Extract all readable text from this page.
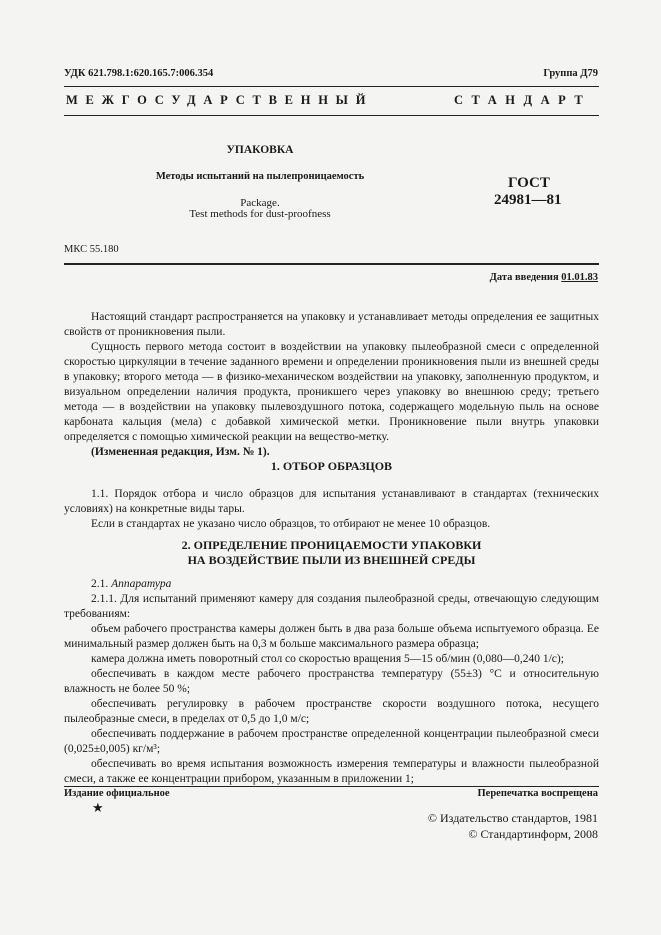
УДК 621.798.1:620.165.7:006.354	Группа Д79
МЕЖГОСУДАРСТВЕННЫЙ	СТАНДАРТ
УПАКОВКА
Методы испытаний на пылепроницаемость
Package.
Test methods for dust-proofness
ГОСТ
24981—81
МКС 55.180
Дата введения 01.01.83

Настоящий стандарт распространяется на упаковку и устанавливает методы определения ее защитных свойств от проникновения пыли.

Сущность первого метода состоит в воздействии на упаковку пылеобразной смеси с определенной скоростью циркуляции в течение заданного времени и определении проникновения пыли из внешней среды в упаковку; второго метода — в физико-механическом воздействии на упаковку, заполненную продуктом, и визуальном определении наличия продукта, проникшего через упаковку во внешнюю среду; третьего метода — в воздействии на упаковку пылевоздушного потока, содержащего модельную пыль на основе карбоната кальция (мела) с добавкой химической метки. Проникновение пыли внутрь упаковки определяется с помощью химической реакции на вещество-метку.

(Измененная редакция, Изм. № 1).

1. ОТБОР ОБРАЗЦОВ

1.1. Порядок отбора и число образцов для испытания устанавливают в стандартах (технических условиях) на конкретные виды тары.

Если в стандартах не указано число образцов, то отбирают не менее 10 образцов.

2. ОПРЕДЕЛЕНИЕ ПРОНИЦАЕМОСТИ УПАКОВКИ
НА ВОЗДЕЙСТВИЕ ПЫЛИ ИЗ ВНЕШНЕЙ СРЕДЫ

2.1. Аппаратура

2.1.1. Для испытаний применяют камеру для создания пылеобразной среды, отвечающую следующим требованиям:

объем рабочего пространства камеры должен быть в два раза больше объема испытуемого образца. Ее минимальный размер должен быть на 0,3 м больше максимального размера образца;

камера должна иметь поворотный стол со скоростью вращения 5—15 об/мин (0,080—0,240 1/с);

обеспечивать в каждом месте рабочего пространства температуру (55±3) °С и относительную влажность не более 50 %;

обеспечивать регулировку в рабочем пространстве скорости воздушного потока, несущего пылеобразные смеси, в пределах от 0,5 до 1,0 м/с;

обеспечивать поддержание в рабочем пространстве определенной концентрации пылеобразной смеси (0,025±0,005) кг/м³;

обеспечивать во время испытания возможность измерения температуры и влажности пылеобразной смеси, а также ее концентрации прибором, указанным в приложении 1;

Издание официальное
★
Перепечатка воспрещена
© Издательство стандартов, 1981
© Стандартинформ, 2008
